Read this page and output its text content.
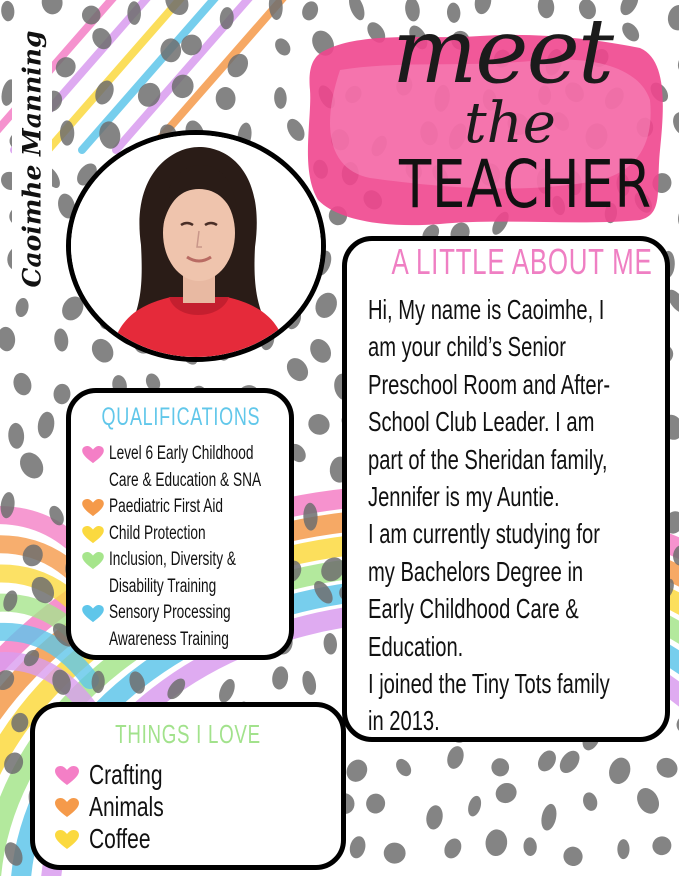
Caoimhe Manning	meet
the
TEACHER
A LITTLE ABOUT ME

Hi, My name is Caoimhe, I

am your child’s Senior

Preschool Room and After-

School Club Leader. I am

part of the Sheridan family,

Jennifer is my Auntie.

I am currently studying for

my Bachelors Degree in

Early Childhood Care &

Education.

I joined the Tiny Tots family

in 2013.

QUALIFICATIONS
Level 6 Early Childhood
Care & Education & SNA
Paediatric First Aid
Child Protection
Inclusion, Diversity &
Disability Training
Sensory Processing
Awareness Training
THINGS I LOVE
Crafting
Animals
Coffee
